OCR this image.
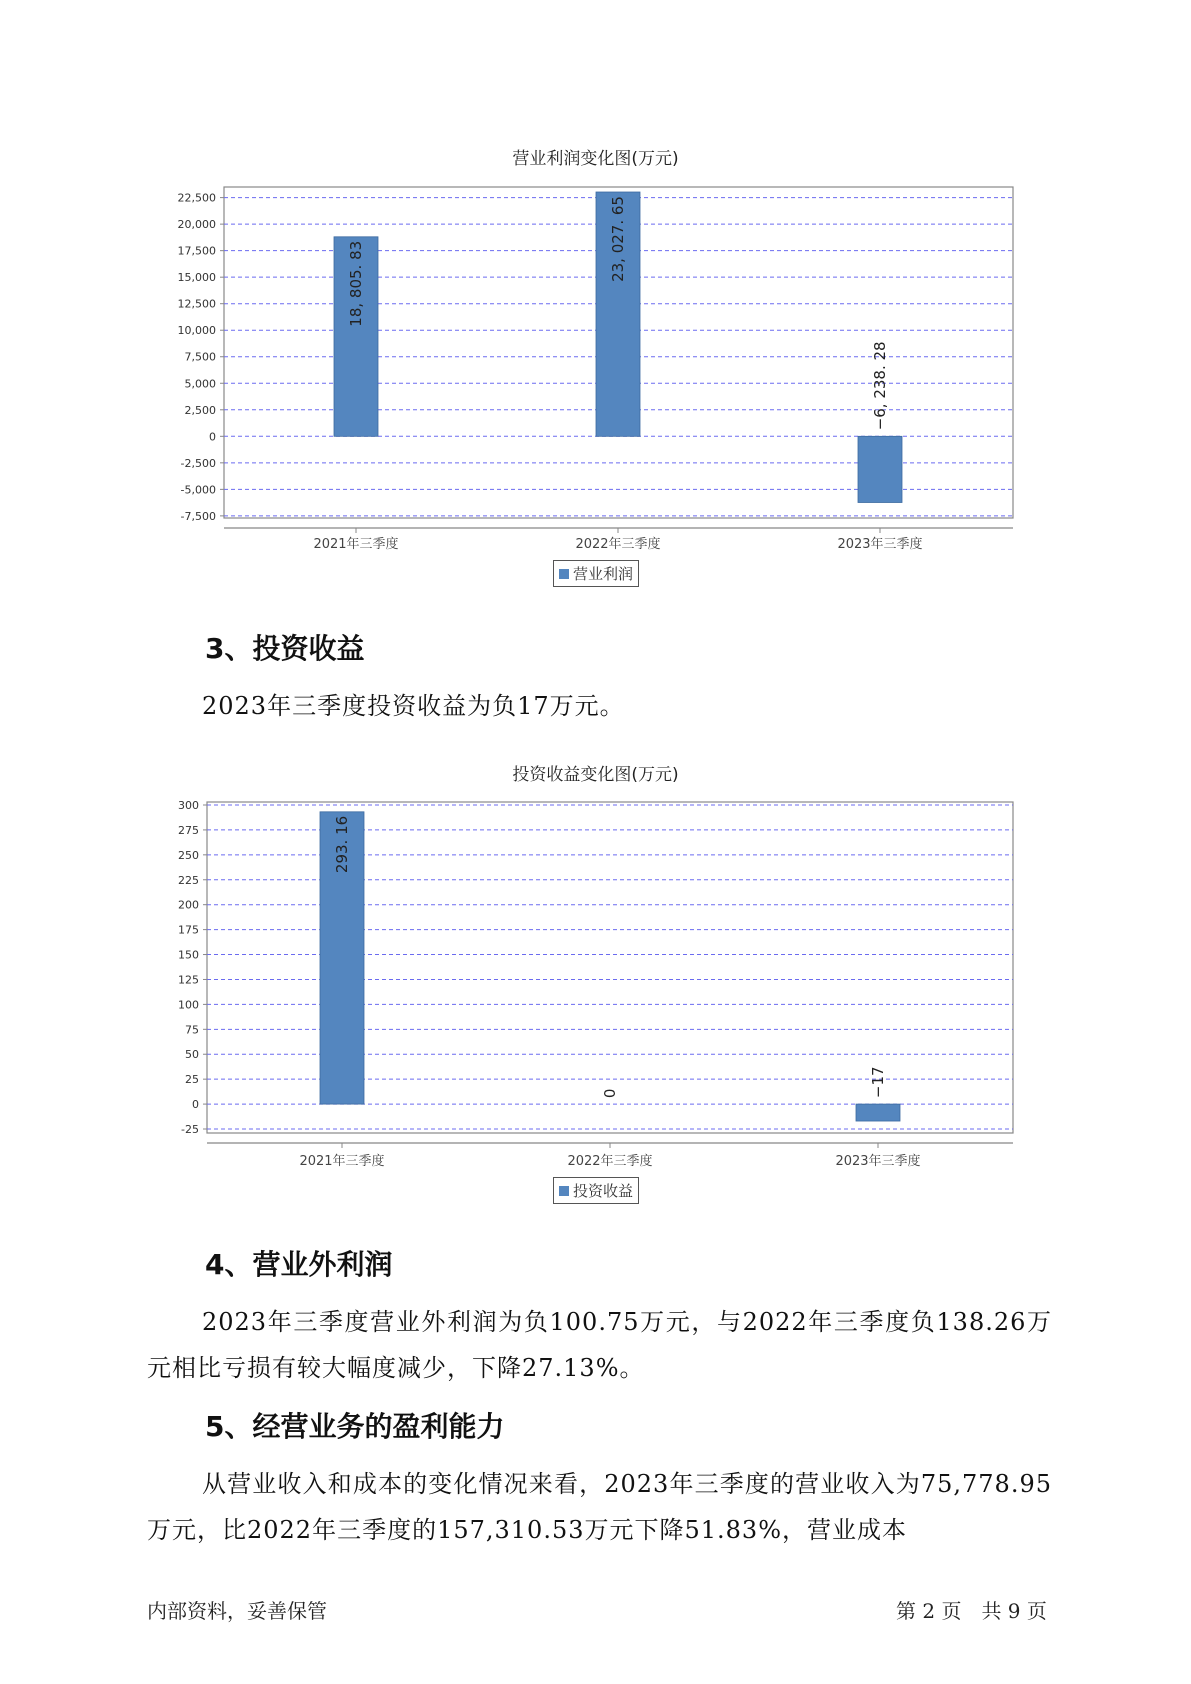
营业利润变化图(万元)
22,500
20,000
17,500
15,000
12,500
10,000
7,500
5,000
2,500
0
-2,500
-5,000
-7,500
18, 805. 83
2021年三季度
23, 027. 65
2022年三季度
−6, 238. 28
2023年三季度
营业利润
3、投资收益

2023年三季度投资收益为负17万元。

投资收益变化图(万元)
300
275
250
225
200
175
150
125
100
75
50
25
0
-25
293. 16
2021年三季度
0
2022年三季度
−17
2023年三季度
投资收益
4、营业外利润

2023年三季度营业外利润为负100.75万元，与2022年三季度负138.26万元相比亏损有较大幅度减少，下降27.13%。

5、经营业务的盈利能力

从营业收入和成本的变化情况来看，2023年三季度的营业收入为75,778.95万元，比2022年三季度的157,310.53万元下降51.83%，营业成本

内部资料，妥善保管	第 2 页　共 9 页
